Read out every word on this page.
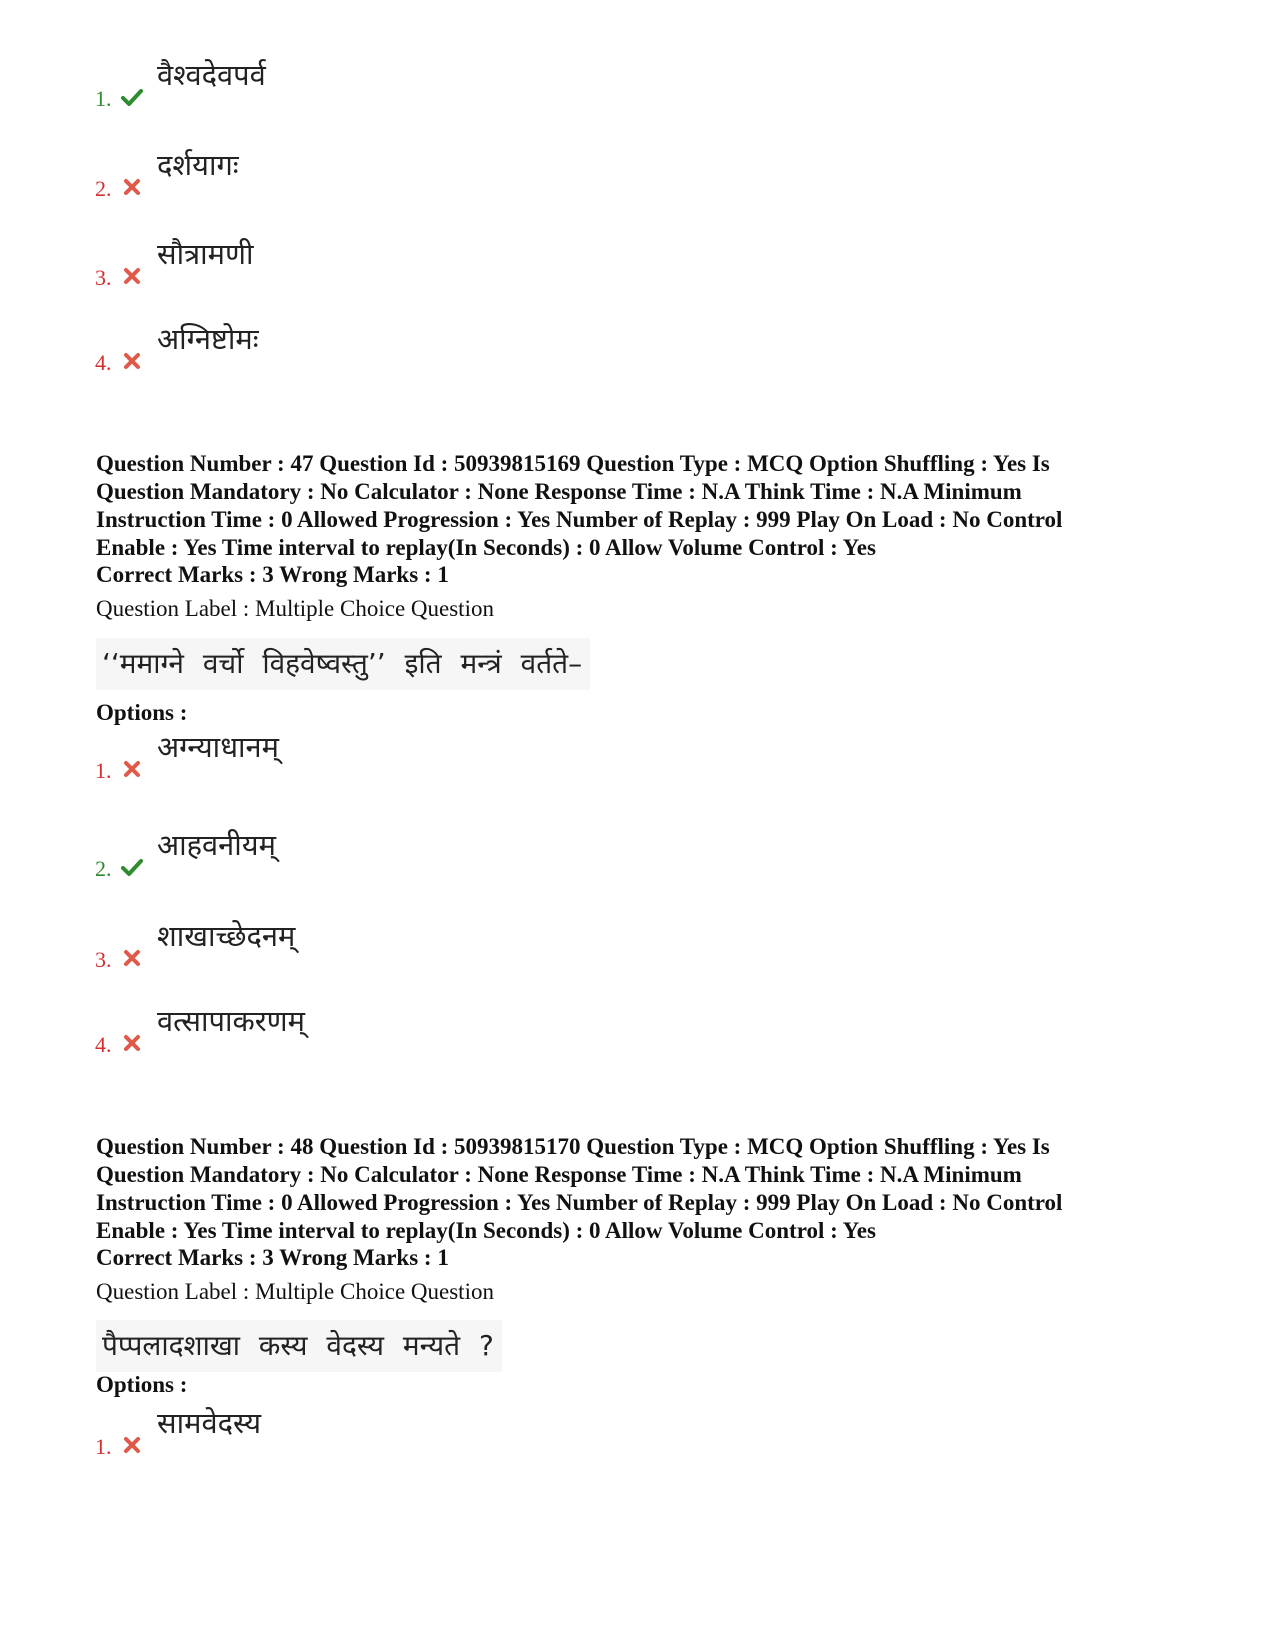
1.
वैश्वदेवपर्व
2.
दर्शयागः
3.
सौत्रामणी
4.
अग्निष्टोमः
Question Number : 47 Question Id : 50939815169 Question Type : MCQ Option Shuffling : Yes Is
Question Mandatory : No Calculator : None Response Time : N.A Think Time : N.A Minimum
Instruction Time : 0 Allowed Progression : Yes Number of Replay : 999 Play On Load : No Control
Enable : Yes Time interval to replay(In Seconds) : 0 Allow Volume Control : Yes
Correct Marks : 3 Wrong Marks : 1
Question Label : Multiple Choice Question
‘‘ममाग्ने वर्चो विहवेष्वस्तु’’ इति मन्त्रं वर्तते–
Options :
1.
अग्न्याधानम्
2.
आहवनीयम्
3.
शाखाच्छेदनम्
4.
वत्सापाकरणम्
Question Number : 48 Question Id : 50939815170 Question Type : MCQ Option Shuffling : Yes Is
Question Mandatory : No Calculator : None Response Time : N.A Think Time : N.A Minimum
Instruction Time : 0 Allowed Progression : Yes Number of Replay : 999 Play On Load : No Control
Enable : Yes Time interval to replay(In Seconds) : 0 Allow Volume Control : Yes
Correct Marks : 3 Wrong Marks : 1
Question Label : Multiple Choice Question
पैप्पलादशाखा कस्य वेदस्य मन्यते ?
Options :
1.
सामवेदस्य
